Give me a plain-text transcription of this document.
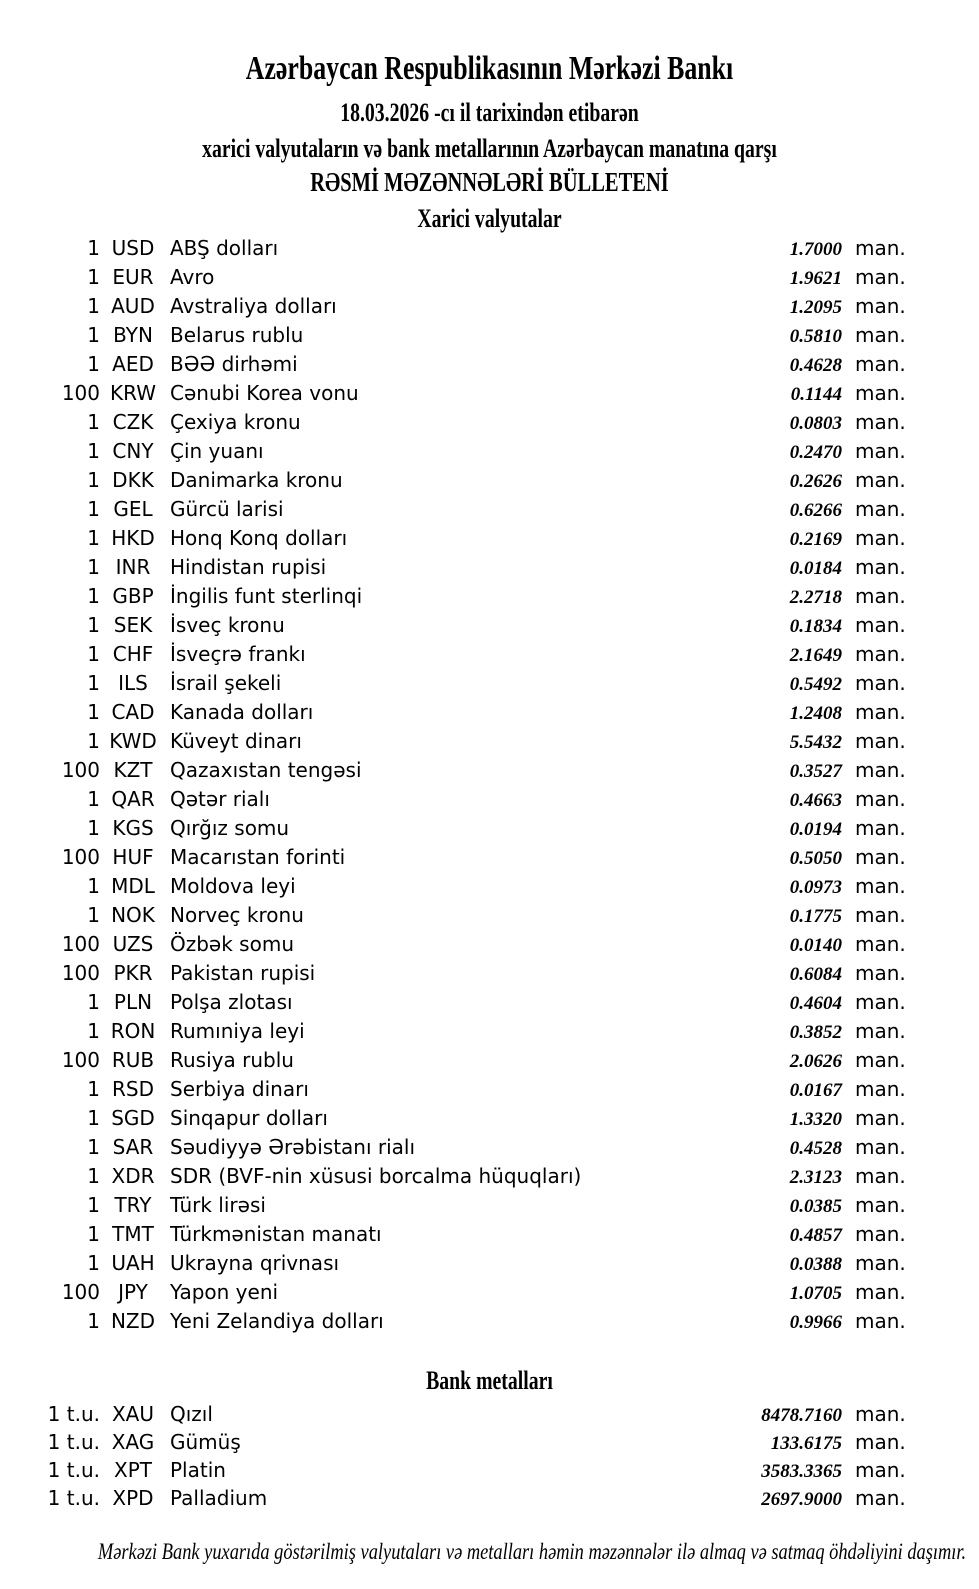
Azərbaycan Respublikasının Mərkəzi Bankı
18.03.2026 -cı il tarixindən etibarən
xarici valyutaların və bank metallarının Azərbaycan manatına qarşı
RƏSMİ MƏZƏNNƏLƏRİ BÜLLETENİ
Xarici valyutalar
1 USD ABŞ dolları	1.7000 man.
1 EUR Avro	1.9621 man.
1 AUD Avstraliya dolları	1.2095 man.
1 BYN Belarus rublu	0.5810 man.
1 AED BƏƏ dirhəmi	0.4628 man.
100 KRW Cənubi Korea vonu	0.1144 man.
1 CZK Çexiya kronu	0.0803 man.
1 CNY Çin yuanı	0.2470 man.
1 DKK Danimarka kronu	0.2626 man.
1 GEL Gürcü larisi	0.6266 man.
1 HKD Honq Konq dolları	0.2169 man.
1 INR Hindistan rupisi	0.0184 man.
1 GBP İngilis funt sterlinqi	2.2718 man.
1 SEK İsveç kronu	0.1834 man.
1 CHF İsveçrə frankı	2.1649 man.
1 ILS	İsrail şekeli	0.5492 man.
1 CAD Kanada dolları	1.2408 man.
1 KWD Küveyt dinarı	5.5432 man.
100 KZT Qazaxıstan tengəsi	0.3527 man.
1 QAR Qətər rialı	0.4663 man.
1 KGS Qırğız somu	0.0194 man.
100 HUF Macarıstan forinti	0.5050 man.
1 MDL Moldova leyi	0.0973 man.
1 NOK Norveç kronu	0.1775 man.
100 UZS Özbək somu	0.0140 man.
100 PKR Pakistan rupisi	0.6084 man.
1 PLN Polşa zlotası	0.4604 man.
1 RON Rumıniya leyi	0.3852 man.
100 RUB Rusiya rublu	2.0626 man.
1 RSD Serbiya dinarı	0.0167 man.
1 SGD Sinqapur dolları	1.3320 man.
1 SAR Səudiyyə Ərəbistanı rialı	0.4528 man.
1 XDR SDR (BVF-nin xüsusi borcalma hüquqları)	2.3123 man.
1 TRY Türk lirəsi	0.0385 man.
1 TMT Türkmənistan manatı	0.4857 man.
1 UAH Ukrayna qrivnası	0.0388 man.
100 JPY	Yapon yeni	1.0705 man.
1 NZD Yeni Zelandiya dolları	0.9966 man.
Bank metalları
1 t.u. XAU Qızıl	8478.7160 man.
1 t.u. XAG Gümüş	133.6175 man.
1 t.u. XPT Platin	3583.3365 man.
1 t.u. XPD Palladium	2697.9000 man.
Mərkəzi Bank yuxarıda göstərilmiş valyutaları və metalları həmin məzənnələr ilə almaq və satmaq öhdəliyini daşımır.
